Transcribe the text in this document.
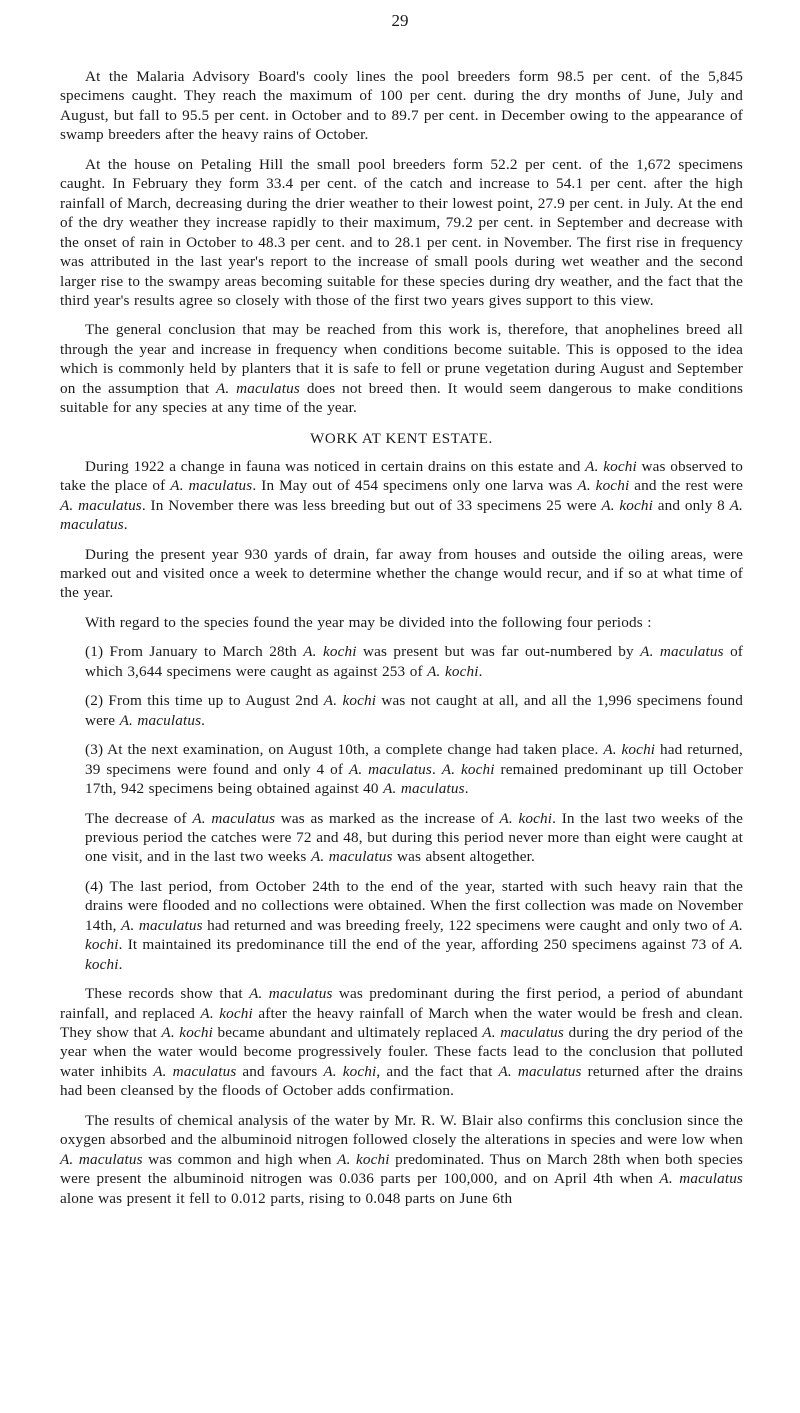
29

At the Malaria Advisory Board's cooly lines the pool breeders form 98.5 per cent. of the 5,845 specimens caught. They reach the maximum of 100 per cent. during the dry months of June, July and August, but fall to 95.5 per cent. in October and to 89.7 per cent. in December owing to the appearance of swamp breeders after the heavy rains of October.

At the house on Petaling Hill the small pool breeders form 52.2 per cent. of the 1,672 specimens caught. In February they form 33.4 per cent. of the catch and increase to 54.1 per cent. after the high rainfall of March, decreasing during the drier weather to their lowest point, 27.9 per cent. in July. At the end of the dry weather they increase rapidly to their maximum, 79.2 per cent. in September and decrease with the onset of rain in October to 48.3 per cent. and to 28.1 per cent. in November. The first rise in frequency was attributed in the last year's report to the increase of small pools during wet weather and the second larger rise to the swampy areas becoming suitable for these species during dry weather, and the fact that the third year's results agree so closely with those of the first two years gives support to this view.

The general conclusion that may be reached from this work is, therefore, that anophelines breed all through the year and increase in frequency when conditions become suitable. This is opposed to the idea which is commonly held by planters that it is safe to fell or prune vegetation during August and September on the assumption that A. maculatus does not breed then. It would seem dangerous to make conditions suitable for any species at any time of the year.

WORK AT KENT ESTATE.

During 1922 a change in fauna was noticed in certain drains on this estate and A. kochi was observed to take the place of A. maculatus. In May out of 454 specimens only one larva was A. kochi and the rest were A. maculatus. In November there was less breeding but out of 33 specimens 25 were A. kochi and only 8 A. maculatus.

During the present year 930 yards of drain, far away from houses and outside the oiling areas, were marked out and visited once a week to determine whether the change would recur, and if so at what time of the year.

With regard to the species found the year may be divided into the following four periods :

(1) From January to March 28th A. kochi was present but was far out-numbered by A. maculatus of which 3,644 specimens were caught as against 253 of A. kochi.

(2) From this time up to August 2nd A. kochi was not caught at all, and all the 1,996 specimens found were A. maculatus.

(3) At the next examination, on August 10th, a complete change had taken place. A. kochi had returned, 39 specimens were found and only 4 of A. maculatus. A. kochi remained predominant up till October 17th, 942 specimens being obtained against 40 A. maculatus.

The decrease of A. maculatus was as marked as the increase of A. kochi. In the last two weeks of the previous period the catches were 72 and 48, but during this period never more than eight were caught at one visit, and in the last two weeks A. maculatus was absent altogether.

(4) The last period, from October 24th to the end of the year, started with such heavy rain that the drains were flooded and no collections were obtained. When the first collection was made on November 14th, A. maculatus had returned and was breeding freely, 122 specimens were caught and only two of A. kochi. It maintained its predominance till the end of the year, affording 250 specimens against 73 of A. kochi.

These records show that A. maculatus was predominant during the first period, a period of abundant rainfall, and replaced A. kochi after the heavy rainfall of March when the water would be fresh and clean. They show that A. kochi became abundant and ultimately replaced A. maculatus during the dry period of the year when the water would become progressively fouler. These facts lead to the conclusion that polluted water inhibits A. maculatus and favours A. kochi, and the fact that A. maculatus returned after the drains had been cleansed by the floods of October adds confirmation.

The results of chemical analysis of the water by Mr. R. W. Blair also confirms this conclusion since the oxygen absorbed and the albuminoid nitrogen followed closely the alterations in species and were low when A. maculatus was common and high when A. kochi predominated. Thus on March 28th when both species were present the albuminoid nitrogen was 0.036 parts per 100,000, and on April 4th when A. maculatus alone was present it fell to 0.012 parts, rising to 0.048 parts on June 6th
